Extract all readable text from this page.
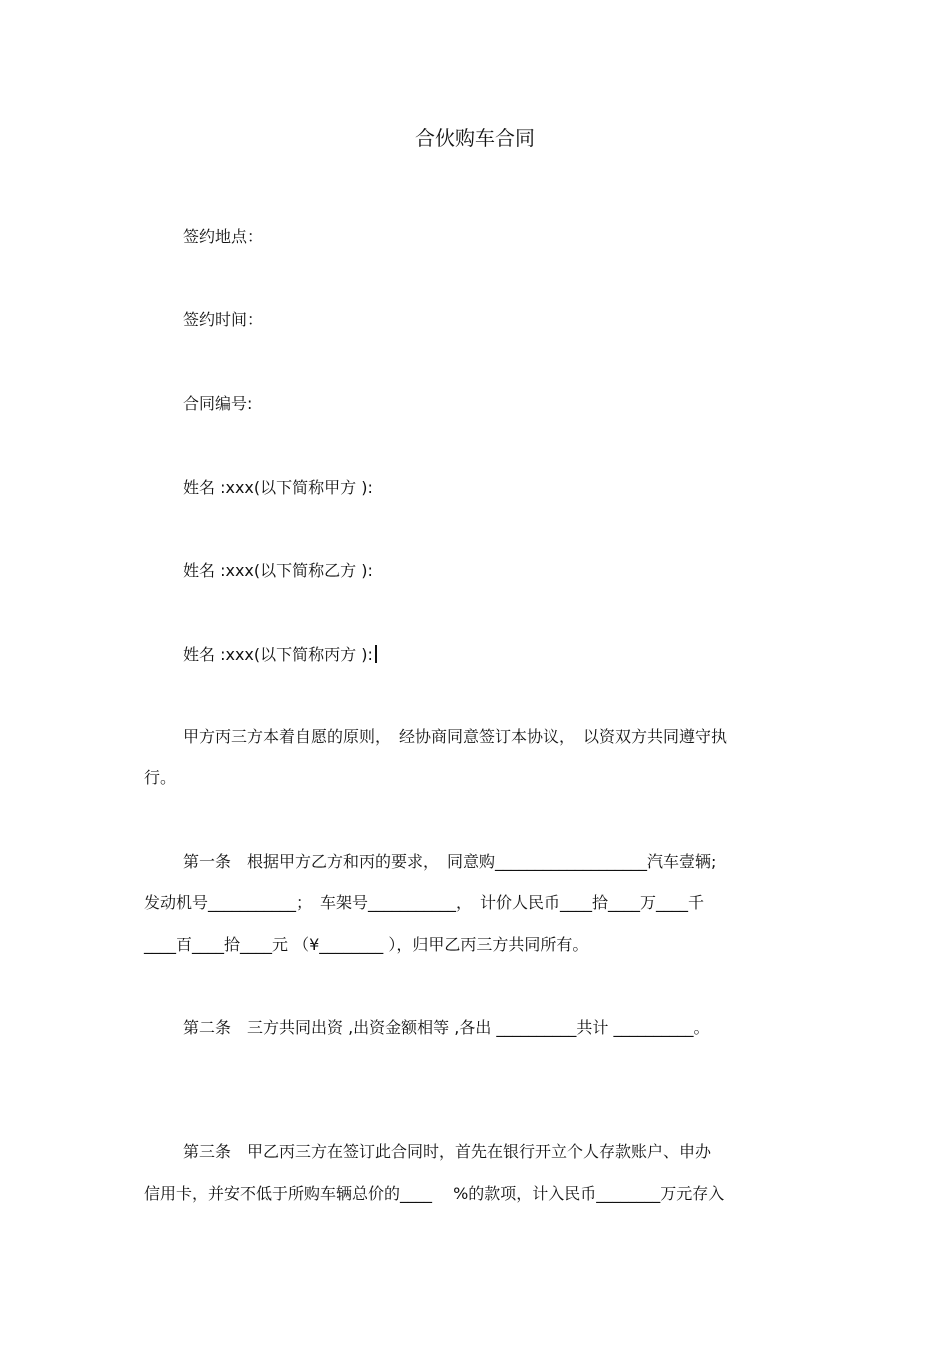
合伙购车合同
签约地点：
签约时间：
合同编号:
姓名 :xxx(以下简称甲方 ):
姓名 :xxx(以下简称乙方 ):
姓名 :xxx(以下简称丙方 ):
甲方丙三方本着自愿的原则，　经协商同意签订本协议，　以资双方共同遵守执
行。
第一条　根据甲方乙方和丙的要求，　同意购___________________汽车壹辆;
发动机号___________；　车架号___________，　计价人民币____拾____万____千
____百____拾____元 （¥________ ），归甲乙丙三方共同所有。
第二条　三方共同出资 ,出资金额相等 ,各出 __________共计 __________。
第三条　甲乙丙三方在签订此合同时，首先在银行开立个人存款账户、申办
信用卡，并安不低于所购车辆总价的____　 %的款项，计入民币________万元存入
